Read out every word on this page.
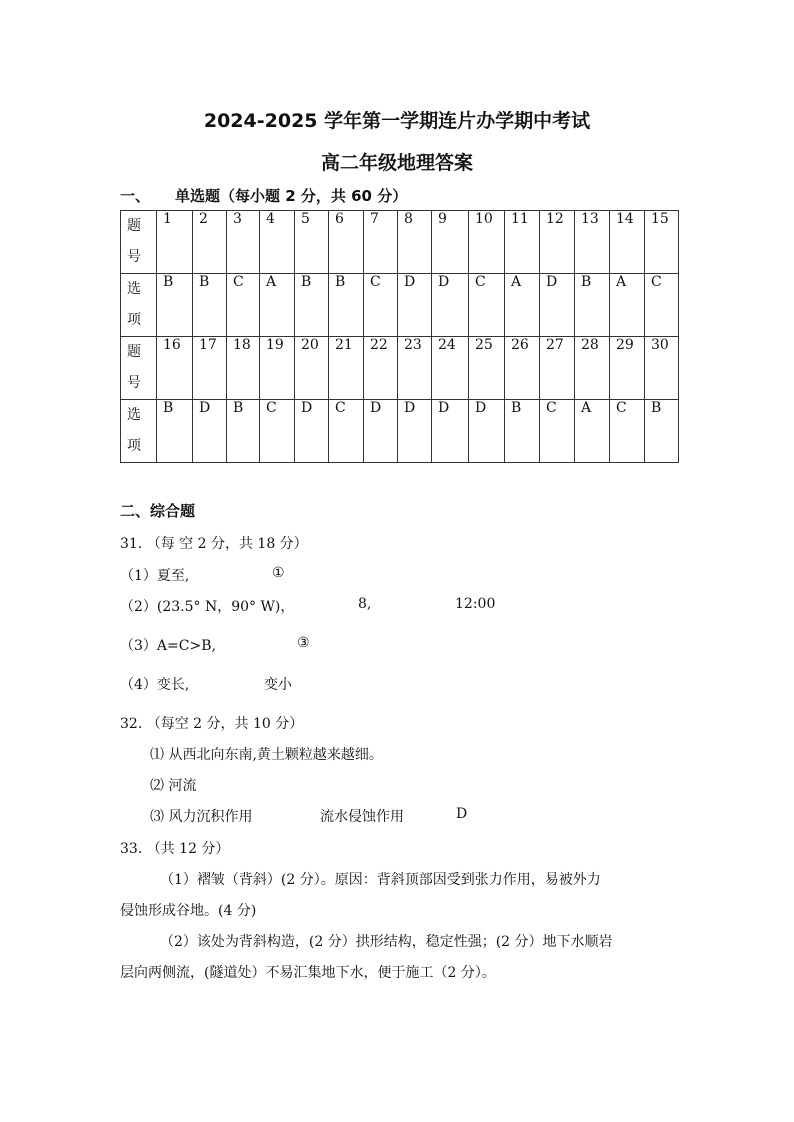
2024-2025 学年第一学期连片办学期中考试
高二年级地理答案
一、 单选题（每小题 2 分，共 60 分）
题
号	1	2	3	4	5	6	7	8	9	10	11	12	13	14	15

选
项	B	B	C	A	B	B	C	D	D	C	A	D	B	A	C

题
号	16	17	18	19	20	21	22	23	24	25	26	27	28	29	30

选
项	B	D	B	C	D	C	D	D	D	D	B	C	A	C	B
二、综合题
31. （每 空 2 分，共 18 分）
（1）夏至,	①
（2）(23.5° N，90° W)，	8,	12:00
（3）A=C>B,	③
（4）变长,	变小
32. （每空 2 分，共 10 分）
⑴ 从西北向东南,黄土颗粒越来越细。
⑵ 河流
⑶ 风力沉积作用	流水侵蚀作用	D
33. （共 12 分）
（1）褶皱（背斜）(2 分）。原因：背斜顶部因受到张力作用，易被外力
侵蚀形成谷地。(4 分)
（2）该处为背斜构造，(2 分）拱形结构，稳定性强；(2 分）地下水顺岩
层向两侧流，(隧道处）不易汇集地下水，便于施工（2 分）。
